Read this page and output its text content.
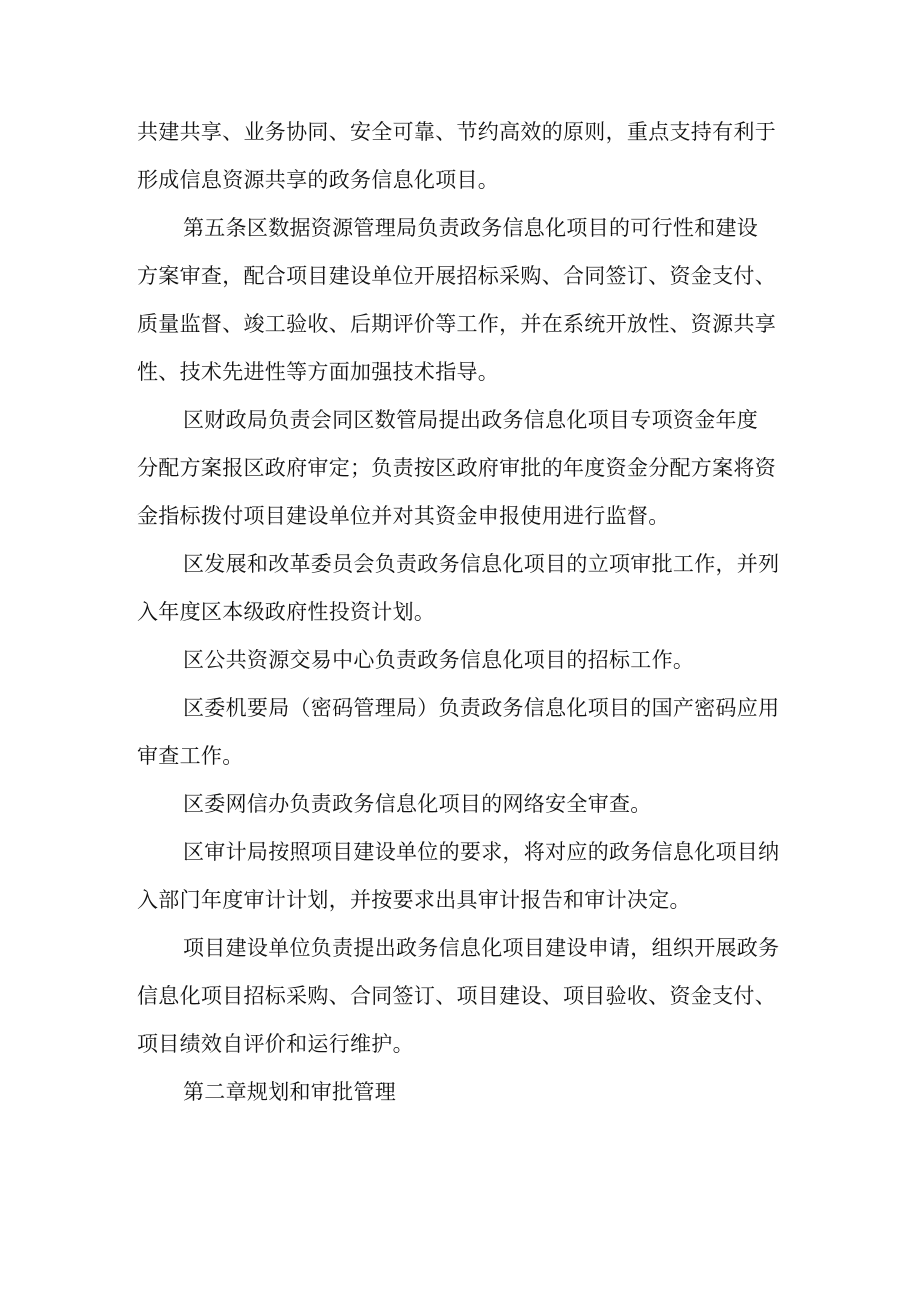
共建共享、业务协同、安全可靠、节约高效的原则，重点支持有利于
形成信息资源共享的政务信息化项目。

第五条区数据资源管理局负责政务信息化项目的可行性和建设
方案审查，配合项目建设单位开展招标采购、合同签订、资金支付、
质量监督、竣工验收、后期评价等工作，并在系统开放性、资源共享
性、技术先进性等方面加强技术指导。

区财政局负责会同区数管局提出政务信息化项目专项资金年度
分配方案报区政府审定；负责按区政府审批的年度资金分配方案将资
金指标拨付项目建设单位并对其资金申报使用进行监督。

区发展和改革委员会负责政务信息化项目的立项审批工作，并列
入年度区本级政府性投资计划。

区公共资源交易中心负责政务信息化项目的招标工作。

区委机要局（密码管理局）负责政务信息化项目的国产密码应用
审查工作。

区委网信办负责政务信息化项目的网络安全审查。

区审计局按照项目建设单位的要求，将对应的政务信息化项目纳
入部门年度审计计划，并按要求出具审计报告和审计决定。

项目建设单位负责提出政务信息化项目建设申请，组织开展政务
信息化项目招标采购、合同签订、项目建设、项目验收、资金支付、
项目绩效自评价和运行维护。

第二章规划和审批管理
